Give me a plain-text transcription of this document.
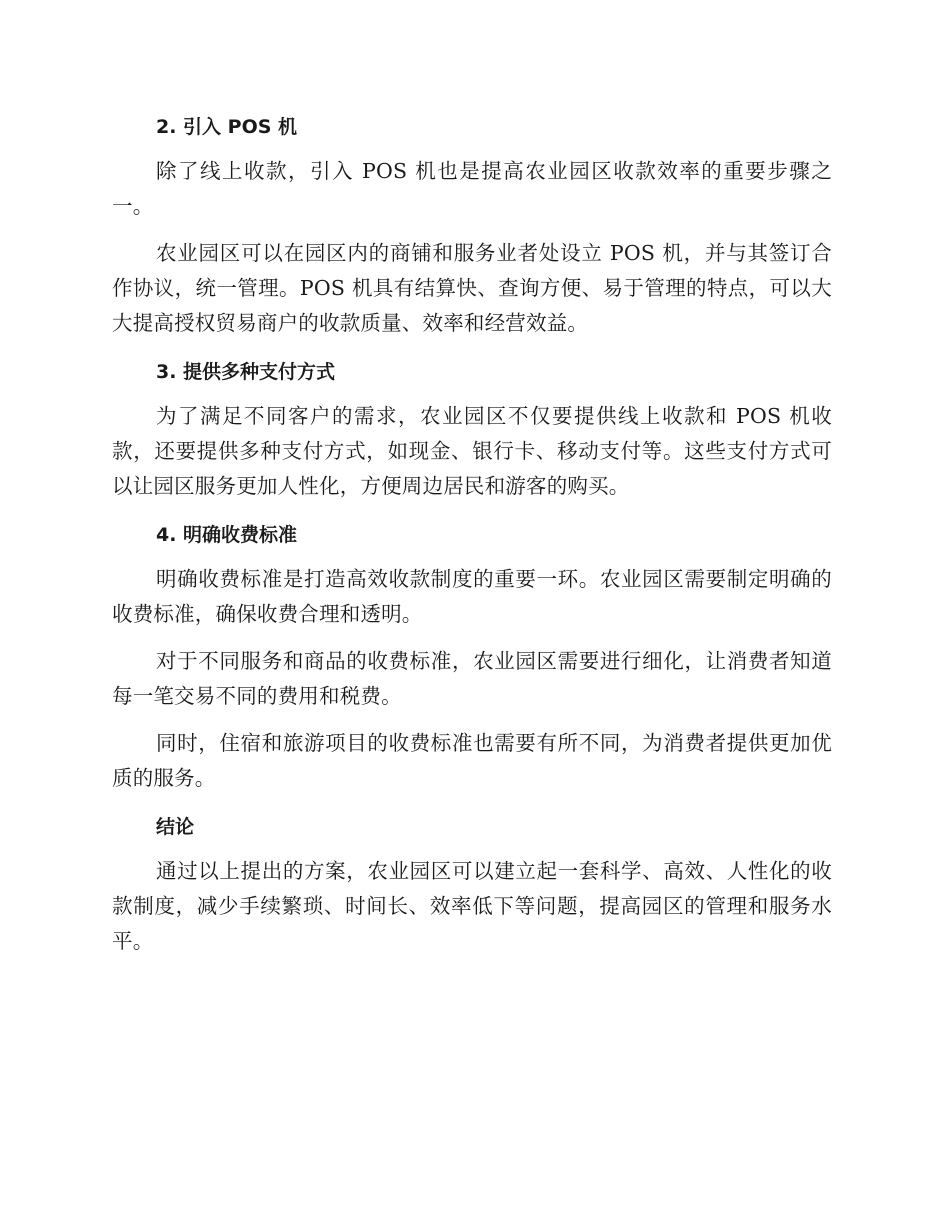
2. 引入 POS 机

除了线上收款，引入 POS 机也是提高农业园区收款效率的重要步骤之一。

农业园区可以在园区内的商铺和服务业者处设立 POS 机，并与其签订合作协议，统一管理。POS 机具有结算快、查询方便、易于管理的特点，可以大大提高授权贸易商户的收款质量、效率和经营效益。

3. 提供多种支付方式

为了满足不同客户的需求，农业园区不仅要提供线上收款和 POS 机收款，还要提供多种支付方式，如现金、银行卡、移动支付等。这些支付方式可以让园区服务更加人性化，方便周边居民和游客的购买。

4. 明确收费标准

明确收费标准是打造高效收款制度的重要一环。农业园区需要制定明确的收费标准，确保收费合理和透明。

对于不同服务和商品的收费标准，农业园区需要进行细化，让消费者知道每一笔交易不同的费用和税费。

同时，住宿和旅游项目的收费标准也需要有所不同，为消费者提供更加优质的服务。

结论

通过以上提出的方案，农业园区可以建立起一套科学、高效、人性化的收款制度，减少手续繁琐、时间长、效率低下等问题，提高园区的管理和服务水平。
